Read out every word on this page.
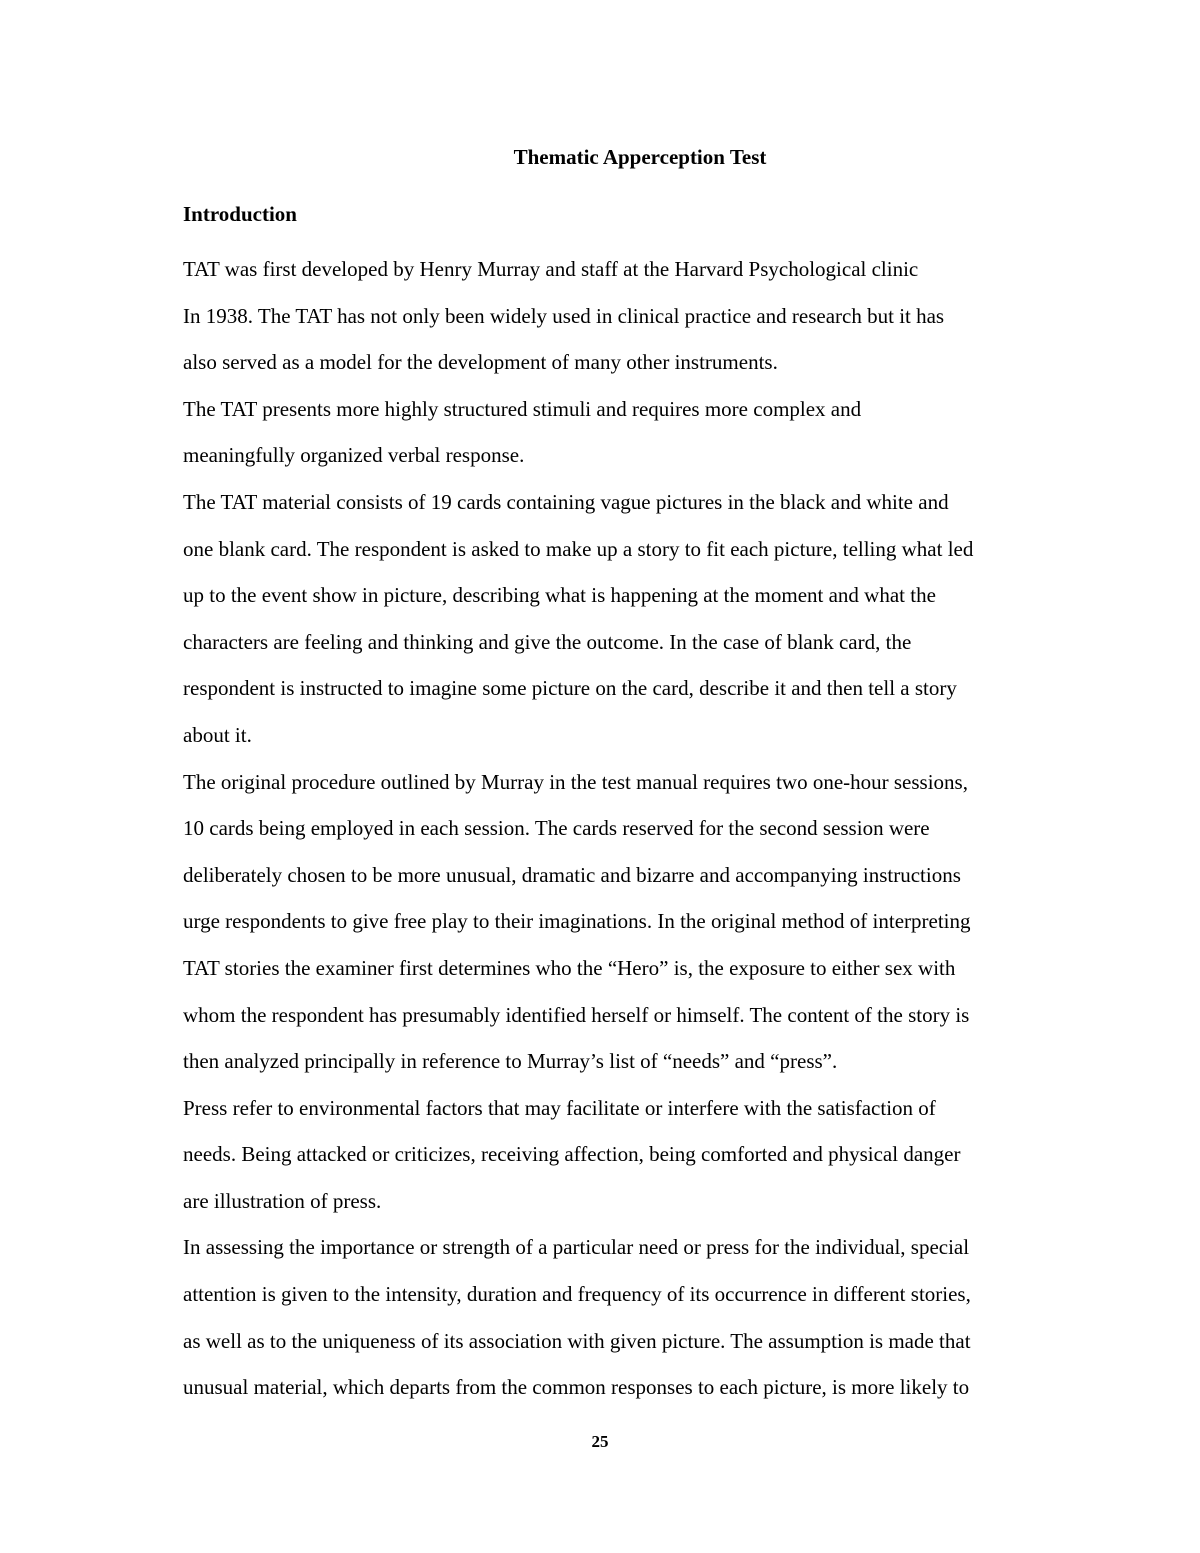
Thematic Apperception Test
Introduction
TAT was first developed by Henry Murray and staff at the Harvard Psychological clinic
In 1938. The TAT has not only been widely used in clinical practice and research but it has
also served as a model for the development of many other instruments.
The TAT presents more highly structured stimuli and requires more complex and
meaningfully organized verbal response.
The TAT material consists of 19 cards containing vague pictures in the black and white and
one blank card. The respondent is asked to make up a story to fit each picture, telling what led
up to the event show in picture, describing what is happening at the moment and what the
characters are feeling and thinking and give the outcome. In the case of blank card, the
respondent is instructed to imagine some picture on the card, describe it and then tell a story
about it.
The original procedure outlined by Murray in the test manual requires two one-hour sessions,
10 cards being employed in each session. The cards reserved for the second session were
deliberately chosen to be more unusual, dramatic and bizarre and accompanying instructions
urge respondents to give free play to their imaginations. In the original method of interpreting
TAT stories the examiner first determines who the “Hero” is, the exposure to either sex with
whom the respondent has presumably identified herself or himself. The content of the story is
then analyzed principally in reference to Murray’s list of “needs” and “press”.
Press refer to environmental factors that may facilitate or interfere with the satisfaction of
needs. Being attacked or criticizes, receiving affection, being comforted and physical danger
are illustration of press.
In assessing the importance or strength of a particular need or press for the individual, special
attention is given to the intensity, duration and frequency of its occurrence in different stories,
as well as to the uniqueness of its association with given picture. The assumption is made that
unusual material, which departs from the common responses to each picture, is more likely to
25
